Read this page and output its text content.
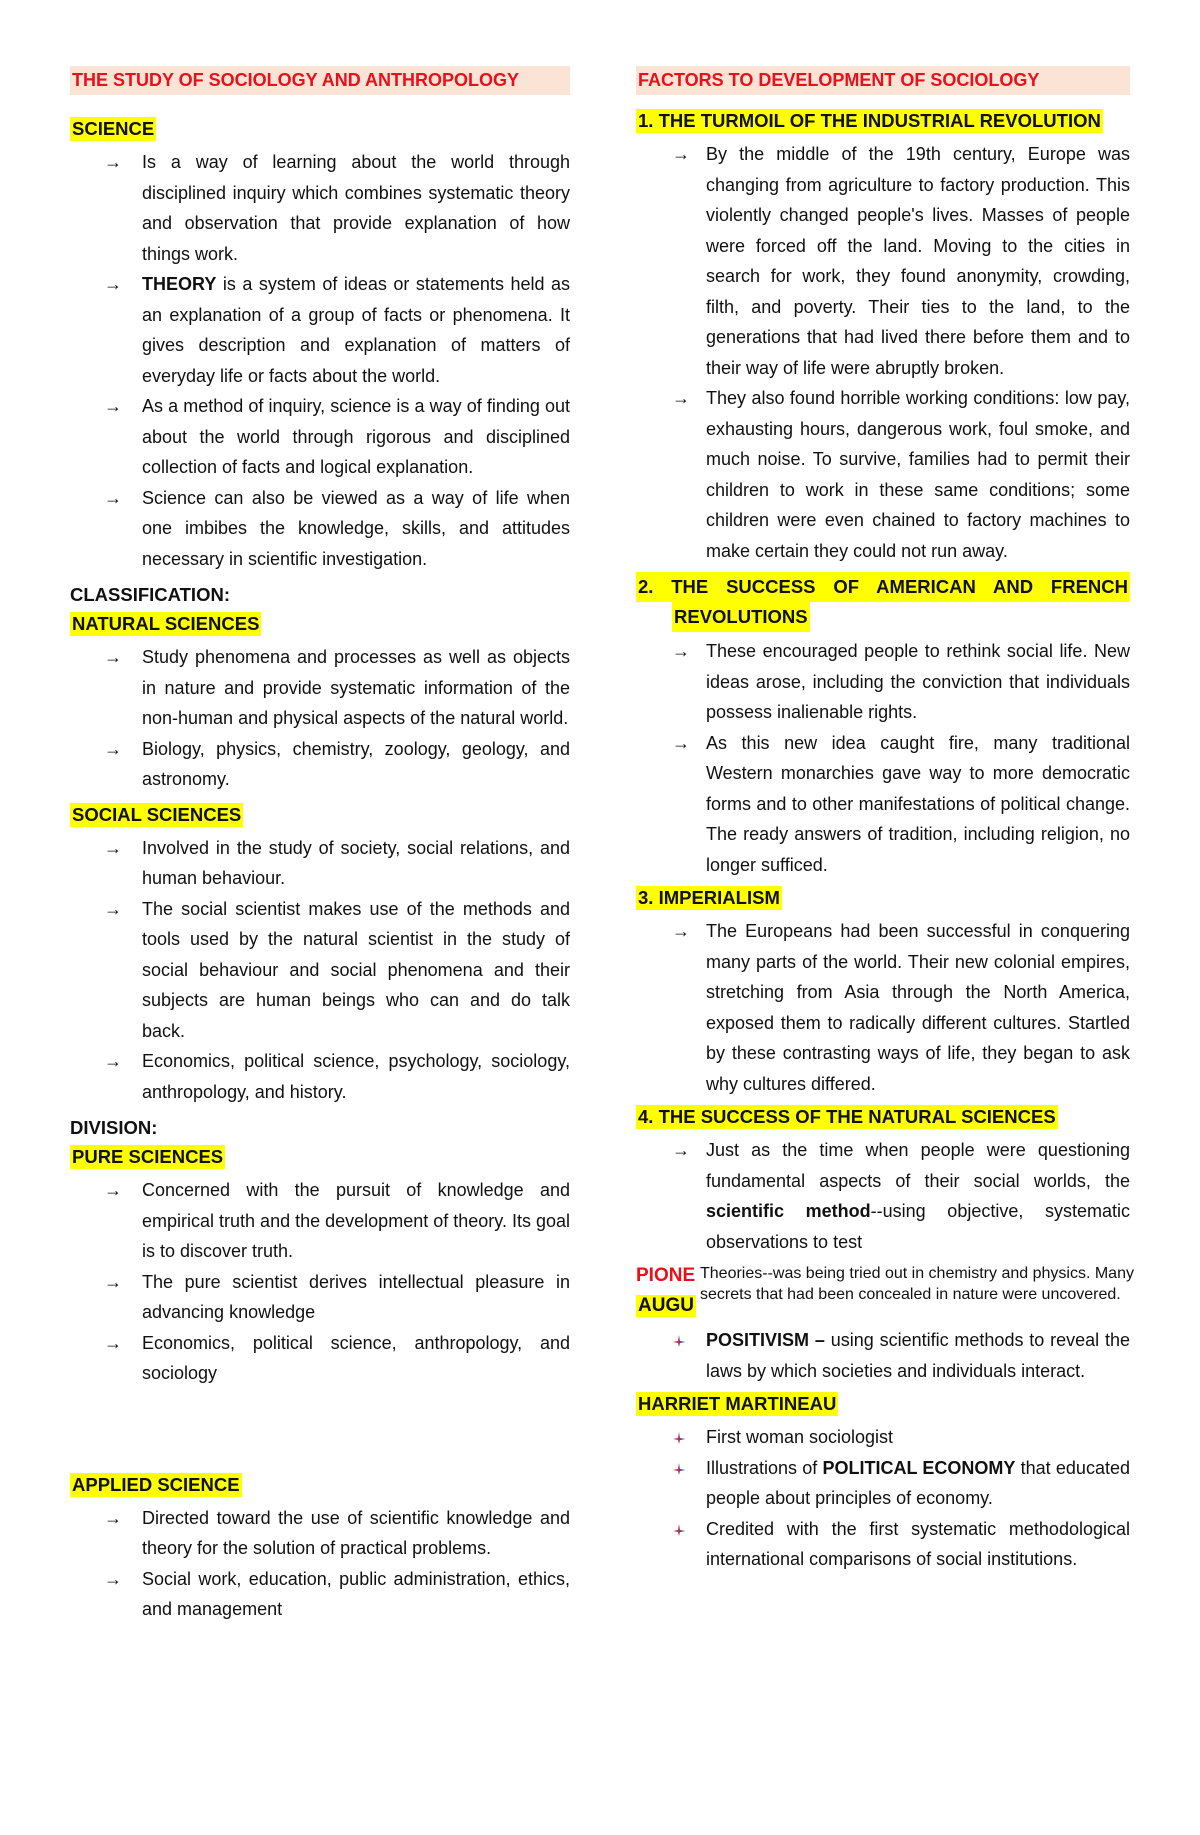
THE STUDY OF SOCIOLOGY AND ANTHROPOLOGY
SCIENCE
→	Is a way of learning about the world through disciplined inquiry which combines systematic theory and observation that provide explanation of how things work.
→	THEORY is a system of ideas or statements held as an explanation of a group of facts or phenomena. It gives description and explanation of matters of everyday life or facts about the world.
→	As a method of inquiry, science is a way of finding out about the world through rigorous and disciplined collection of facts and logical explanation.
→	Science can also be viewed as a way of life when one imbibes the knowledge, skills, and attitudes necessary in scientific investigation.
CLASSIFICATION:
NATURAL SCIENCES
→	Study phenomena and processes as well as objects in nature and provide systematic information of the non-human and physical aspects of the natural world.
→	Biology, physics, chemistry, zoology, geology, and astronomy.
SOCIAL SCIENCES
→	Involved in the study of society, social relations, and human behaviour.
→	The social scientist makes use of the methods and tools used by the natural scientist in the study of social behaviour and social phenomena and their subjects are human beings who can and do talk back.
→	Economics, political science, psychology, sociology, anthropology, and history.
DIVISION:
PURE SCIENCES
→	Concerned with the pursuit of knowledge and empirical truth and the development of theory. Its goal is to discover truth.
→	The pure scientist derives intellectual pleasure in advancing knowledge
→	Economics, political science, anthropology, and sociology
APPLIED SCIENCE
→	Directed toward the use of scientific knowledge and theory for the solution of practical problems.
→	Social work, education, public administration, ethics, and management
FACTORS TO DEVELOPMENT OF SOCIOLOGY
1. THE TURMOIL OF THE INDUSTRIAL REVOLUTION
→ By the middle of the 19th century, Europe was changing from agriculture to factory production. This violently changed people's lives. Masses of people were forced off the land. Moving to the cities in search for work, they found anonymity, crowding, filth, and poverty. Their ties to the land, to the generations that had lived there before them and to their way of life were abruptly broken.
→ They also found horrible working conditions: low pay, exhausting hours, dangerous work, foul smoke, and much noise. To survive, families had to permit their children to work in these same conditions; some children were even chained to factory machines to make certain they could not run away.
2. THE SUCCESS OF AMERICAN AND FRENCH
REVOLUTIONS
→ These encouraged people to rethink social life. New ideas arose, including the conviction that individuals possess inalienable rights.
→ As this new idea caught fire, many traditional Western monarchies gave way to more democratic forms and to other manifestations of political change. The ready answers of tradition, including religion, no longer sufficed.
3. IMPERIALISM
→ The Europeans had been successful in conquering many parts of the world. Their new colonial empires, stretching from Asia through the North America, exposed them to radically different cultures. Startled by these contrasting ways of life, they began to ask why cultures differed.
4. THE SUCCESS OF THE NATURAL SCIENCES
→ Just as the time when people were questioning fundamental aspects of their social worlds, the scientific method--using objective, systematic observations to test
PIONE
AUGU
Theories--was being tried out in chemistry and physics. Many secrets that had been concealed in nature were uncovered.
POSITIVISM – using scientific methods to reveal the laws by which societies and individuals interact.
HARRIET MARTINEAU
First woman sociologist
Illustrations of POLITICAL ECONOMY that educated people about principles of economy.
Credited with the first systematic methodological international comparisons of social institutions.
